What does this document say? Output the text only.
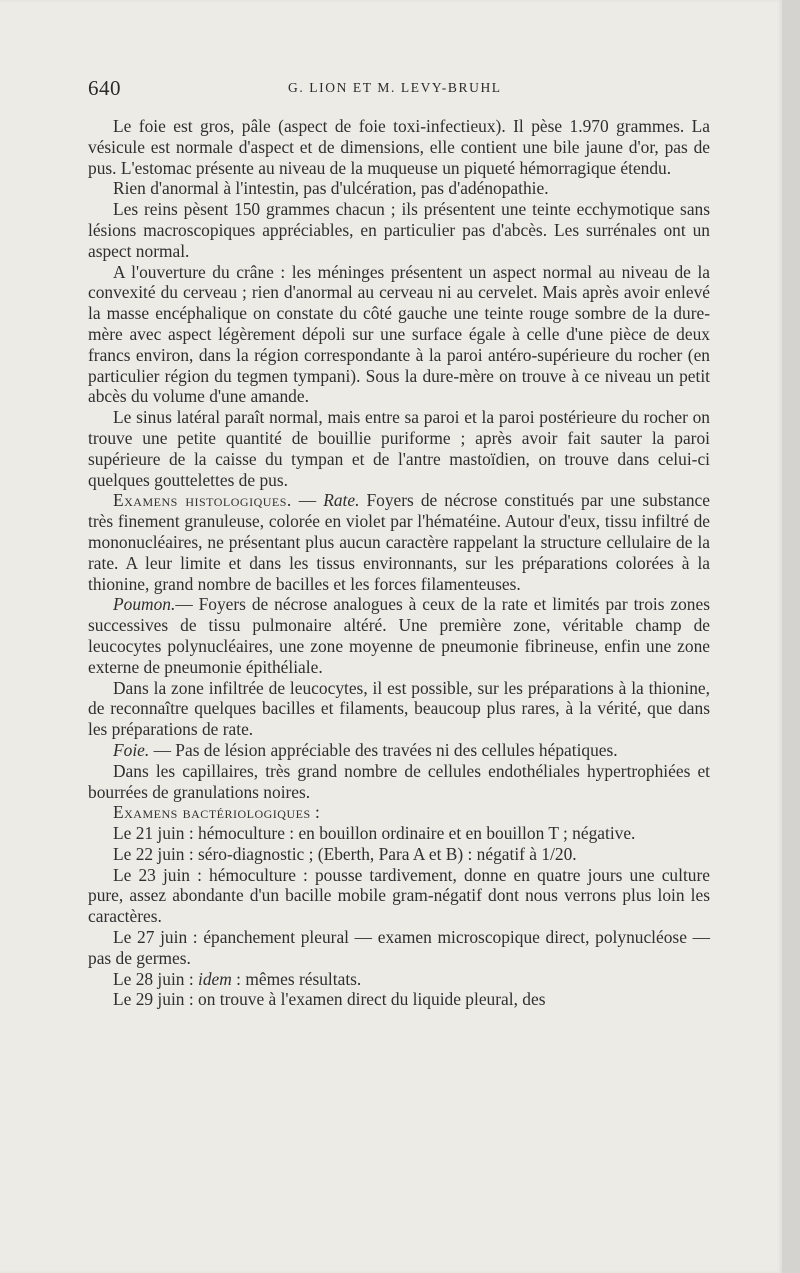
640	G. LION ET M. LEVY-BRUHL

Le foie est gros, pâle (aspect de foie toxi-infectieux). Il pèse 1.970 grammes. La vésicule est normale d'aspect et de dimensions, elle contient une bile jaune d'or, pas de pus. L'estomac présente au niveau de la muqueuse un piqueté hémorragique étendu.

Rien d'anormal à l'intestin, pas d'ulcération, pas d'adénopathie.

Les reins pèsent 150 grammes chacun ; ils présentent une teinte ecchymotique sans lésions macroscopiques appréciables, en particulier pas d'abcès. Les surrénales ont un aspect normal.

A l'ouverture du crâne : les méninges présentent un aspect normal au niveau de la convexité du cerveau ; rien d'anormal au cerveau ni au cervelet. Mais après avoir enlevé la masse encéphalique on constate du côté gauche une teinte rouge sombre de la dure-mère avec aspect légèrement dépoli sur une surface égale à celle d'une pièce de deux francs environ, dans la région correspondante à la paroi antéro-supérieure du rocher (en particulier région du tegmen tympani). Sous la dure-mère on trouve à ce niveau un petit abcès du volume d'une amande.

Le sinus latéral paraît normal, mais entre sa paroi et la paroi postérieure du rocher on trouve une petite quantité de bouillie puriforme ; après avoir fait sauter la paroi supérieure de la caisse du tympan et de l'antre mastoïdien, on trouve dans celui-ci quelques gouttelettes de pus.

Examens histologiques. — Rate. Foyers de nécrose constitués par une substance très finement granuleuse, colorée en violet par l'hématéine. Autour d'eux, tissu infiltré de mononucléaires, ne présentant plus aucun caractère rappelant la structure cellulaire de la rate. A leur limite et dans les tissus environnants, sur les préparations colorées à la thionine, grand nombre de bacilles et les forces filamenteuses.

Poumon.— Foyers de nécrose analogues à ceux de la rate et limités par trois zones successives de tissu pulmonaire altéré. Une première zone, véritable champ de leucocytes polynucléaires, une zone moyenne de pneumonie fibrineuse, enfin une zone externe de pneumonie épithéliale.

Dans la zone infiltrée de leucocytes, il est possible, sur les préparations à la thionine, de reconnaître quelques bacilles et filaments, beaucoup plus rares, à la vérité, que dans les préparations de rate.

Foie. — Pas de lésion appréciable des travées ni des cellules hépatiques.

Dans les capillaires, très grand nombre de cellules endothéliales hypertrophiées et bourrées de granulations noires.

Examens bactériologiques :

Le 21 juin : hémoculture : en bouillon ordinaire et en bouillon T ; négative.

Le 22 juin : séro-diagnostic ; (Eberth, Para A et B) : négatif à 1/20.

Le 23 juin : hémoculture : pousse tardivement, donne en quatre jours une culture pure, assez abondante d'un bacille mobile gram-négatif dont nous verrons plus loin les caractères.

Le 27 juin : épanchement pleural — examen microscopique direct, polynucléose — pas de germes.

Le 28 juin : idem : mêmes résultats.

Le 29 juin : on trouve à l'examen direct du liquide pleural, des
